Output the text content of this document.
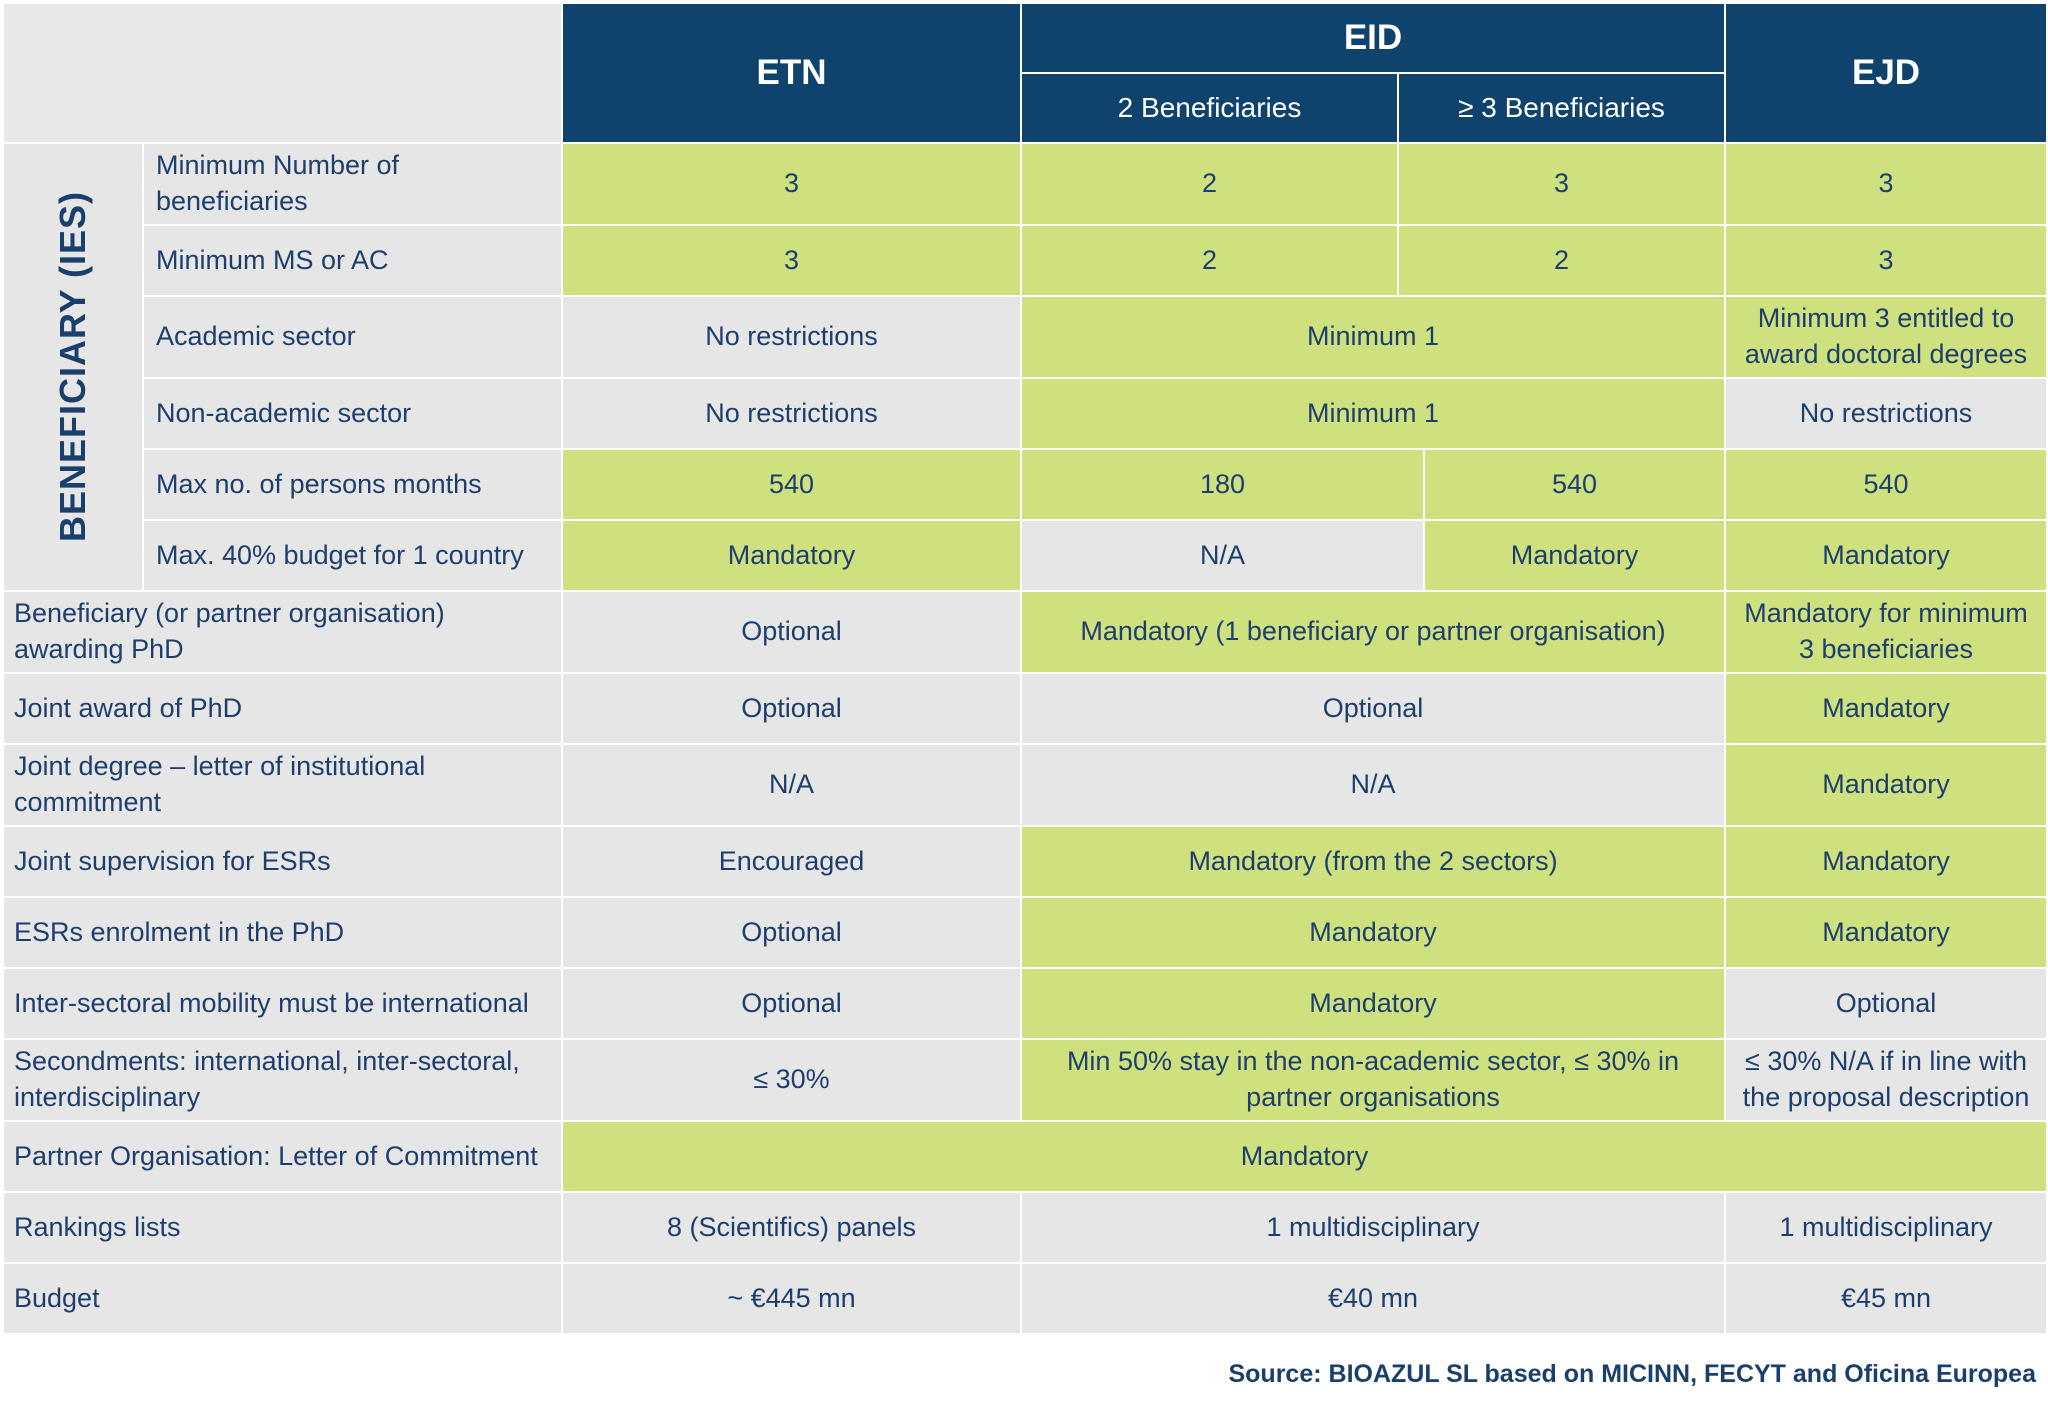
		ETN	EID			EJD
			2 Beneficiaries	≥ 3 Beneficiaries		

BENEFICIARY (IES)	Minimum Number of beneficiaries	3	2	3		3
	Minimum MS or AC	3	2	2		3
	Academic sector	No restrictions	Minimum 1			Minimum 3 entitled to award doctoral degrees
	Non-academic sector	No restrictions	Minimum 1			No restrictions
	Max no. of persons months	540	180		540	540
	Max. 40% budget for 1 country	Mandatory	N/A		Mandatory	Mandatory
Beneficiary (or partner organisation) awarding PhD		Optional	Mandatory (1 beneficiary or partner organisation)			Mandatory for minimum 3 beneficiaries
Joint award of PhD		Optional	Optional			Mandatory
Joint degree – letter of institutional commitment		N/A	N/A			Mandatory
Joint supervision for ESRs		Encouraged	Mandatory (from the 2 sectors)			Mandatory
ESRs enrolment in the PhD		Optional	Mandatory			Mandatory
Inter-sectoral mobility must be international		Optional	Mandatory			Optional
Secondments: international, inter-sectoral, interdisciplinary		≤ 30%	Min 50% stay in the non-academic sector, ≤ 30% in partner organisations			≤ 30% N/A if in line with the proposal description
Partner Organisation: Letter of Commitment		Mandatory				
Rankings lists		8 (Scientifics) panels	1 multidisciplinary			1 multidisciplinary
Budget		~ €445 mn	€40 mn			€45 mn
Source: BIOAZUL SL based on MICINN, FECYT and Oficina Europea
